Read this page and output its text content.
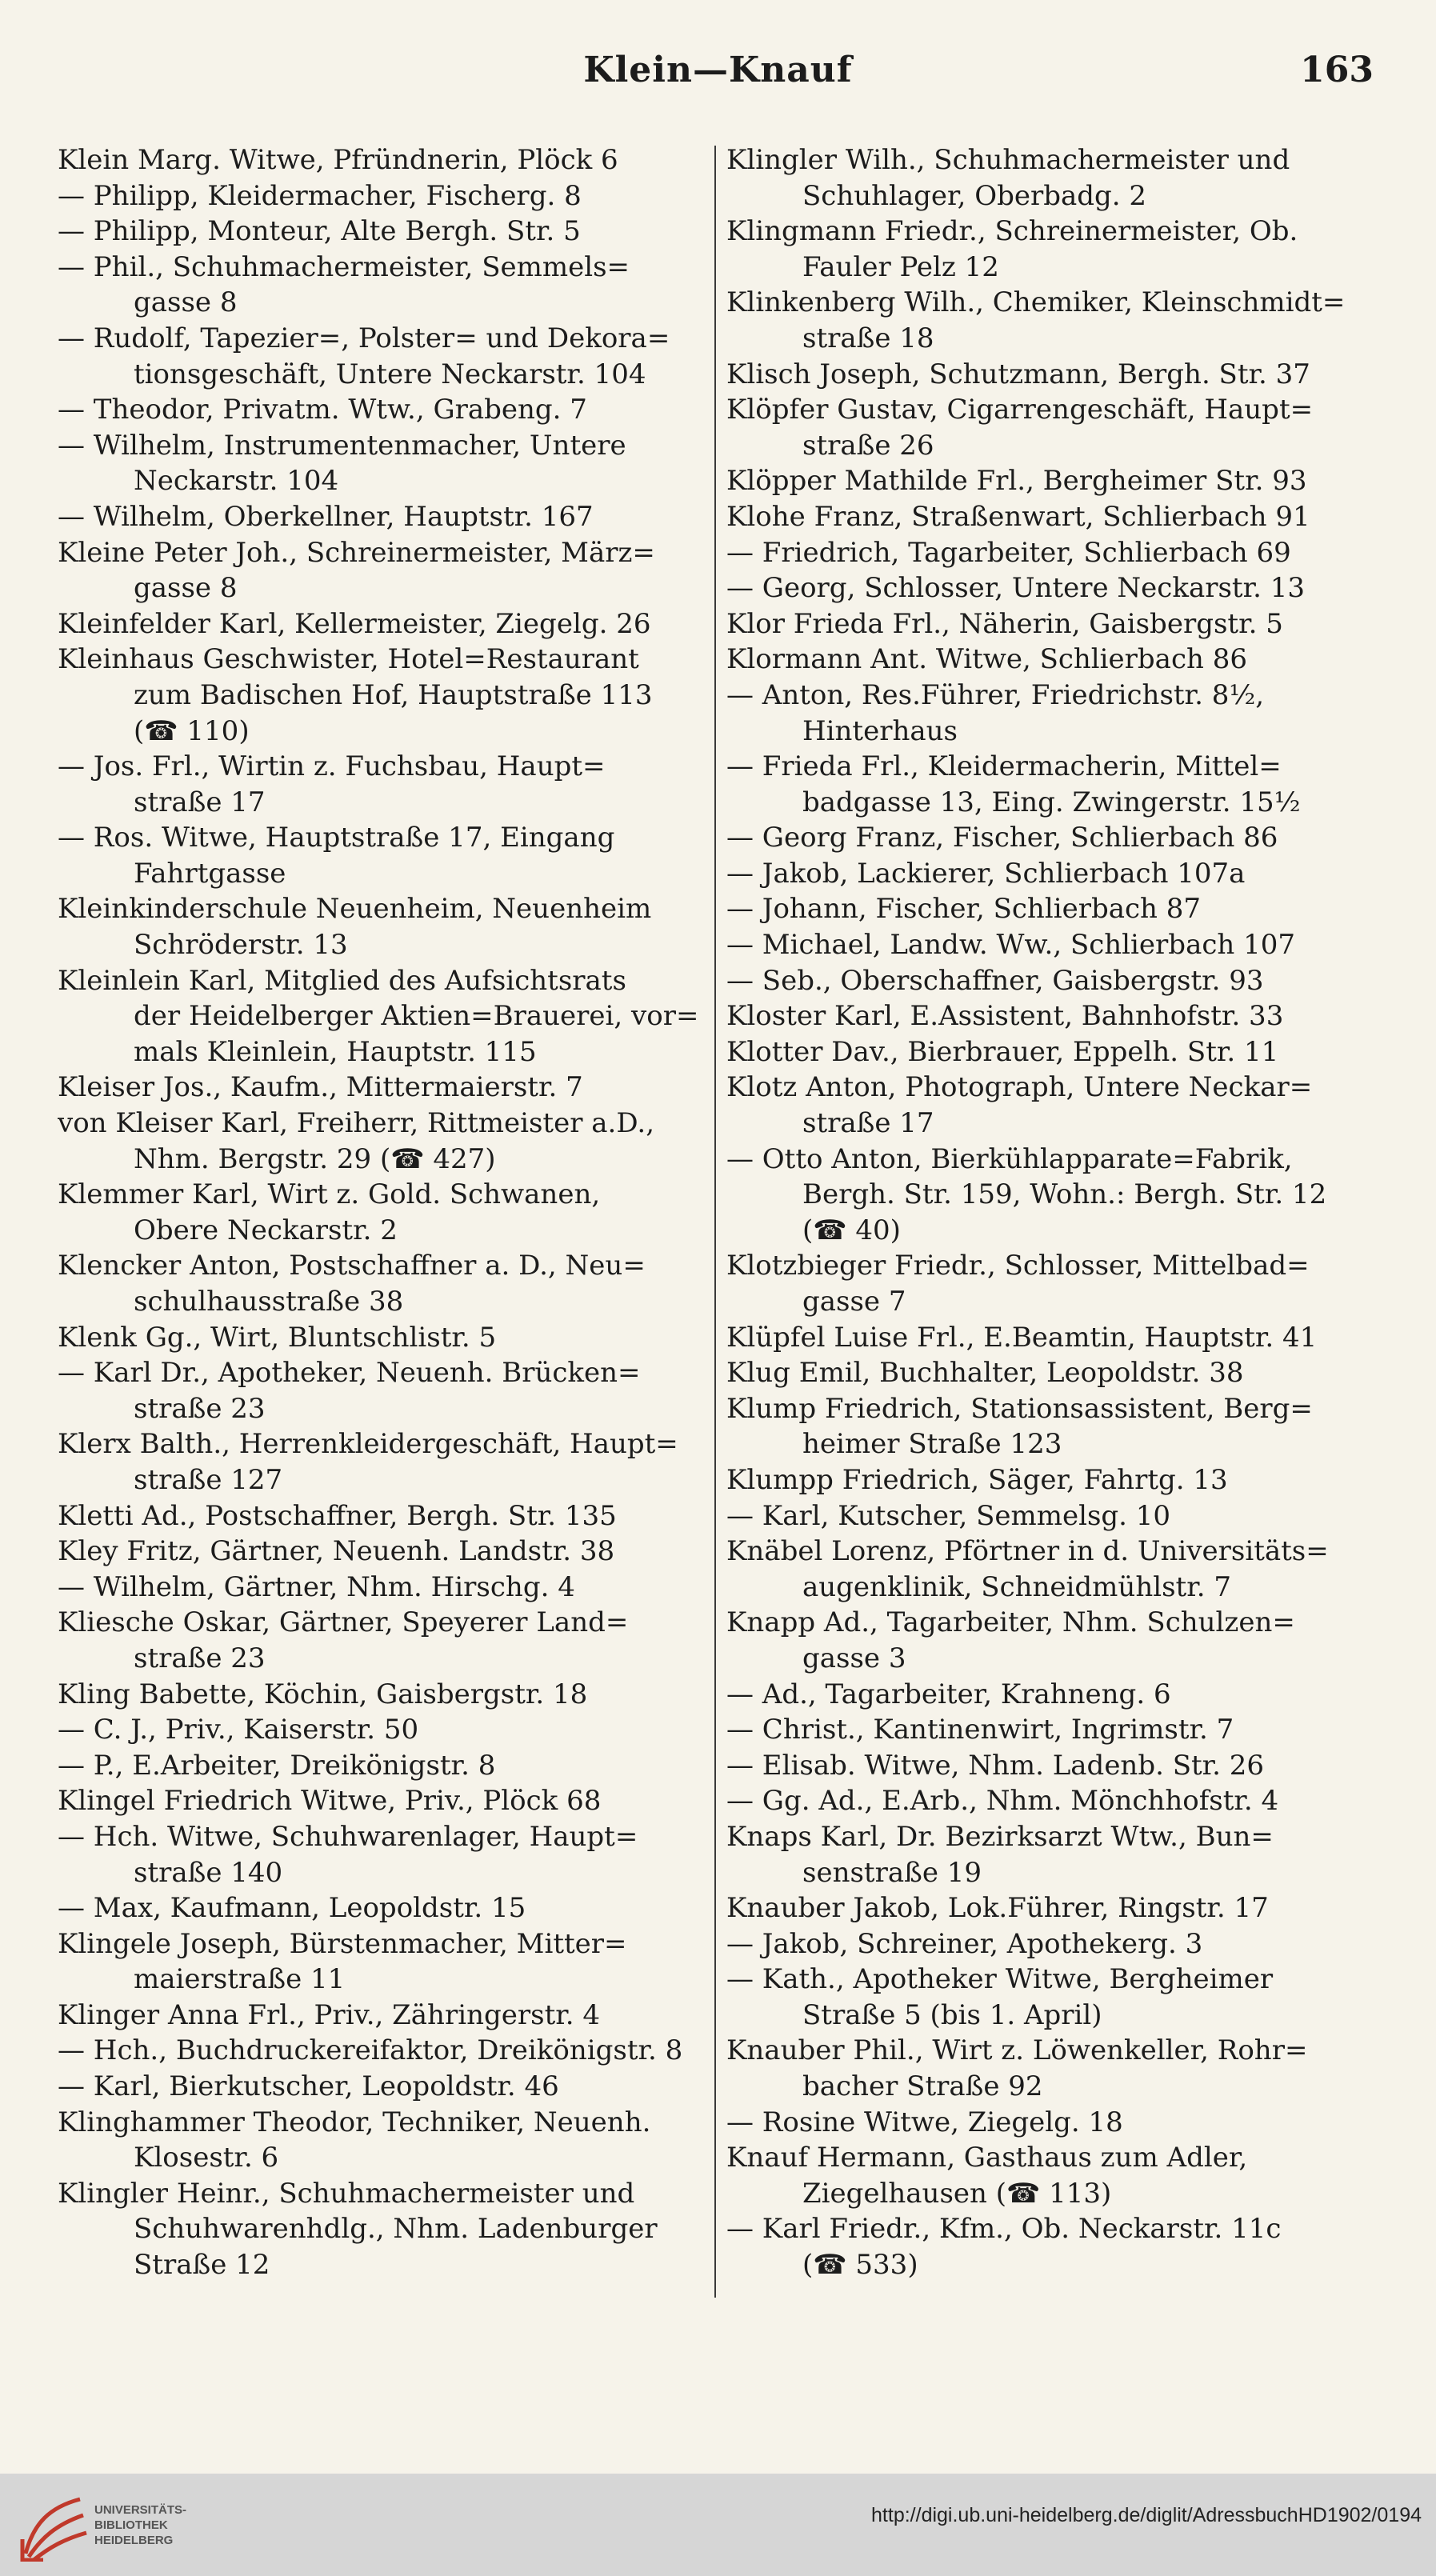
Klein—Knauf	163
Klein Marg. Witwe, Pfründnerin, Plöck 6
— Philipp, Kleidermacher, Fischerg. 8
— Philipp, Monteur, Alte Bergh. Str. 5
— Phil., Schuhmachermeister, Semmels=
gasse 8
— Rudolf, Tapezier=, Polster= und Dekora=
tionsgeschäft, Untere Neckarstr. 104
— Theodor, Privatm. Wtw., Grabeng. 7
— Wilhelm, Instrumentenmacher, Untere
Neckarstr. 104
— Wilhelm, Oberkellner, Hauptstr. 167
Kleine Peter Joh., Schreinermeister, März=
gasse 8
Kleinfelder Karl, Kellermeister, Ziegelg. 26
Kleinhaus Geschwister, Hotel=Restaurant
zum Badischen Hof, Hauptstraße 113
(☎ 110)
— Jos. Frl., Wirtin z. Fuchsbau, Haupt=
straße 17
— Ros. Witwe, Hauptstraße 17, Eingang
Fahrtgasse
Kleinkinderschule Neuenheim, Neuenheim
Schröderstr. 13
Kleinlein Karl, Mitglied des Aufsichtsrats
der Heidelberger Aktien=Brauerei, vor=
mals Kleinlein, Hauptstr. 115
Kleiser Jos., Kaufm., Mittermaierstr. 7
von Kleiser Karl, Freiherr, Rittmeister a.D.,
Nhm. Bergstr. 29 (☎ 427)
Klemmer Karl, Wirt z. Gold. Schwanen,
Obere Neckarstr. 2
Klencker Anton, Postschaffner a. D., Neu=
schulhausstraße 38
Klenk Gg., Wirt, Bluntschlistr. 5
— Karl Dr., Apotheker, Neuenh. Brücken=
straße 23
Klerx Balth., Herrenkleidergeschäft, Haupt=
straße 127
Kletti Ad., Postschaffner, Bergh. Str. 135
Kley Fritz, Gärtner, Neuenh. Landstr. 38
— Wilhelm, Gärtner, Nhm. Hirschg. 4
Kliesche Oskar, Gärtner, Speyerer Land=
straße 23
Kling Babette, Köchin, Gaisbergstr. 18
— C. J., Priv., Kaiserstr. 50
— P., E.Arbeiter, Dreikönigstr. 8
Klingel Friedrich Witwe, Priv., Plöck 68
— Hch. Witwe, Schuhwarenlager, Haupt=
straße 140
— Max, Kaufmann, Leopoldstr. 15
Klingele Joseph, Bürstenmacher, Mitter=
maierstraße 11
Klinger Anna Frl., Priv., Zähringerstr. 4
— Hch., Buchdruckereifaktor, Dreikönigstr. 8
— Karl, Bierkutscher, Leopoldstr. 46
Klinghammer Theodor, Techniker, Neuenh.
Klosestr. 6
Klingler Heinr., Schuhmachermeister und
Schuhwarenhdlg., Nhm. Ladenburger
Straße 12
Klingler Wilh., Schuhmachermeister und
Schuhlager, Oberbadg. 2
Klingmann Friedr., Schreinermeister, Ob.
Fauler Pelz 12
Klinkenberg Wilh., Chemiker, Kleinschmidt=
straße 18
Klisch Joseph, Schutzmann, Bergh. Str. 37
Klöpfer Gustav, Cigarrengeschäft, Haupt=
straße 26
Klöpper Mathilde Frl., Bergheimer Str. 93
Klohe Franz, Straßenwart, Schlierbach 91
— Friedrich, Tagarbeiter, Schlierbach 69
— Georg, Schlosser, Untere Neckarstr. 13
Klor Frieda Frl., Näherin, Gaisbergstr. 5
Klormann Ant. Witwe, Schlierbach 86
— Anton, Res.Führer, Friedrichstr. 8½,
Hinterhaus
— Frieda Frl., Kleidermacherin, Mittel=
badgasse 13, Eing. Zwingerstr. 15½
— Georg Franz, Fischer, Schlierbach 86
— Jakob, Lackierer, Schlierbach 107a
— Johann, Fischer, Schlierbach 87
— Michael, Landw. Ww., Schlierbach 107
— Seb., Oberschaffner, Gaisbergstr. 93
Kloster Karl, E.Assistent, Bahnhofstr. 33
Klotter Dav., Bierbrauer, Eppelh. Str. 11
Klotz Anton, Photograph, Untere Neckar=
straße 17
— Otto Anton, Bierkühlapparate=Fabrik,
Bergh. Str. 159, Wohn.: Bergh. Str. 12
(☎ 40)
Klotzbieger Friedr., Schlosser, Mittelbad=
gasse 7
Klüpfel Luise Frl., E.Beamtin, Hauptstr. 41
Klug Emil, Buchhalter, Leopoldstr. 38
Klump Friedrich, Stationsassistent, Berg=
heimer Straße 123
Klumpp Friedrich, Säger, Fahrtg. 13
— Karl, Kutscher, Semmelsg. 10
Knäbel Lorenz, Pförtner in d. Universitäts=
augenklinik, Schneidmühlstr. 7
Knapp Ad., Tagarbeiter, Nhm. Schulzen=
gasse 3
— Ad., Tagarbeiter, Krahneng. 6
— Christ., Kantinenwirt, Ingrimstr. 7
— Elisab. Witwe, Nhm. Ladenb. Str. 26
— Gg. Ad., E.Arb., Nhm. Mönchhofstr. 4
Knaps Karl, Dr. Bezirksarzt Wtw., Bun=
senstraße 19
Knauber Jakob, Lok.Führer, Ringstr. 17
— Jakob, Schreiner, Apothekerg. 3
— Kath., Apotheker Witwe, Bergheimer
Straße 5 (bis 1. April)
Knauber Phil., Wirt z. Löwenkeller, Rohr=
bacher Straße 92
— Rosine Witwe, Ziegelg. 18
Knauf Hermann, Gasthaus zum Adler,
Ziegelhausen (☎ 113)
— Karl Friedr., Kfm., Ob. Neckarstr. 11c
(☎ 533)
UNIVERSITÄTS-
BIBLIOTHEK
HEIDELBERG
http://digi.ub.uni-heidelberg.de/diglit/AdressbuchHD1902/0194
